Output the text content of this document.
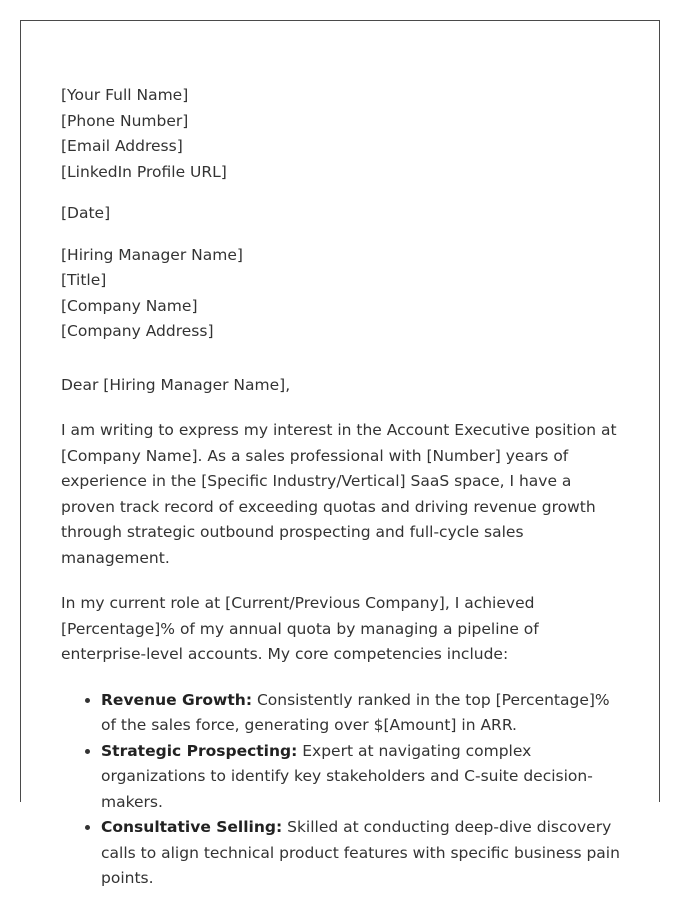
[Your Full Name]
[Phone Number]
[Email Address]
[LinkedIn Profile URL]
[Date]
[Hiring Manager Name]
[Title]
[Company Name]
[Company Address]

Dear [Hiring Manager Name],

I am writing to express my interest in the Account Executive position at [Company Name]. As a sales professional with [Number] years of experience in the [Specific Industry/Vertical] SaaS space, I have a proven track record of exceeding quotas and driving revenue growth through strategic outbound prospecting and full-cycle sales management.

In my current role at [Current/Previous Company], I achieved [Percentage]% of my annual quota by managing a pipeline of enterprise-level accounts. My core competencies include:

• Revenue Growth: Consistently ranked in the top [Percentage]% of the sales force, generating over $[Amount] in ARR.
• Strategic Prospecting: Expert at navigating complex organizations to identify key stakeholders and C-suite decision-makers.
• Consultative Selling: Skilled at conducting deep-dive discovery calls to align technical product features with specific business pain points.
